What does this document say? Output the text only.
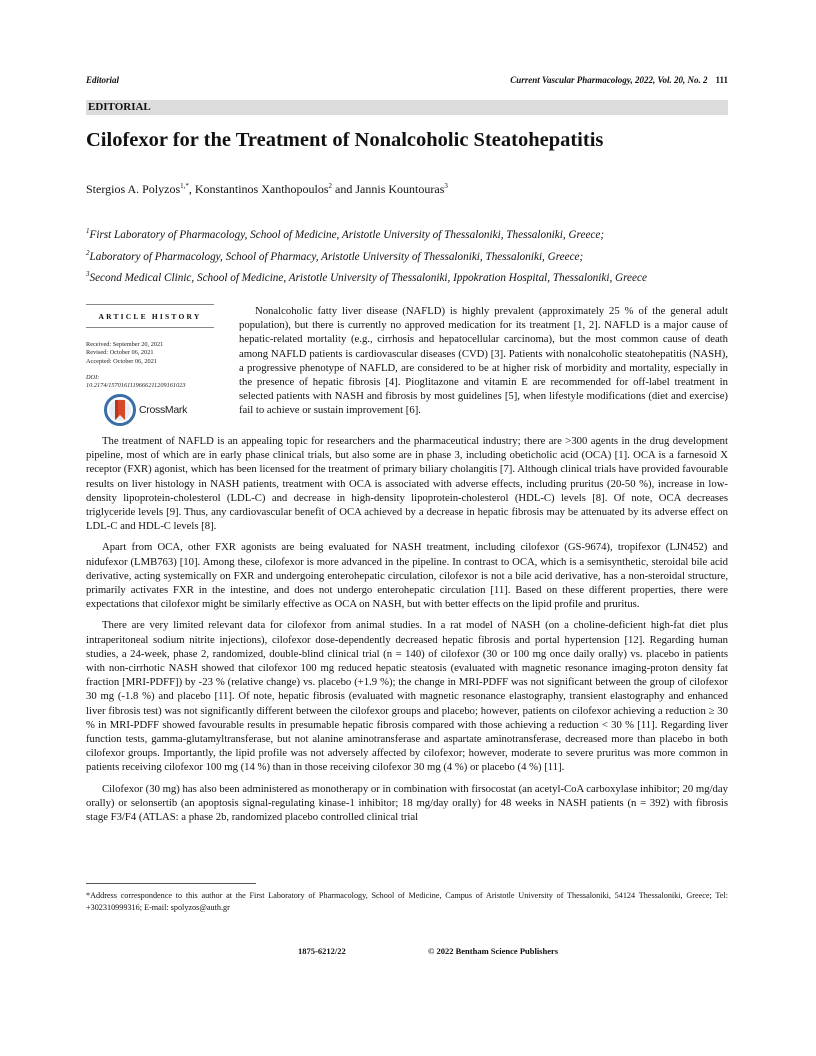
Editorial	Current Vascular Pharmacology, 2022, Vol. 20, No. 2 111
EDITORIAL
Cilofexor for the Treatment of Nonalcoholic Steatohepatitis
Stergios A. Polyzos$^{1,*}$, Konstantinos Xanthopoulos$^2$ and Jannis Kountouras$^3$

$^1$First Laboratory of Pharmacology, School of Medicine, Aristotle University of Thessaloniki, Thessaloniki, Greece;

$^2$Laboratory of Pharmacology, School of Pharmacy, Aristotle University of Thessaloniki, Thessaloniki, Greece;

$^3$Second Medical Clinic, School of Medicine, Aristotle University of Thessaloniki, Ippokration Hospital, Thessaloniki, Greece

ARTICLE HISTORY
Received: September 20, 2021
Revised: October 06, 2021
Accepted: October 06, 2021
DOI:
10.2174/1570161119666211209161023
CrossMark

Nonalcoholic fatty liver disease (NAFLD) is highly prevalent (approximately 25 % of the general adult population), but there is currently no approved medication for its treatment [1, 2]. NAFLD is a major cause of hepatic-related mortality (e.g., cirrhosis and hepatocellular carcinoma), but the most common cause of death among NAFLD patients is cardiovascular diseases (CVD) [3]. Patients with nonalcoholic steatohepatitis (NASH), a progressive phenotype of NAFLD, are considered to be at higher risk of morbidity and mortality, especially in the presence of hepatic fibrosis [4]. Pioglitazone and vitamin E are recommended for off-label treatment in selected patients with NASH and fibrosis by most guidelines [5], when lifestyle modifications (diet and exercise) fail to achieve or sustain improvement [6].

The treatment of NAFLD is an appealing topic for researchers and the pharmaceutical industry; there are >300 agents in the drug development pipeline, most of which are in early phase clinical trials, but also some are in phase 3, including obeticholic acid (OCA) [1]. OCA is a farnesoid X receptor (FXR) agonist, which has been licensed for the treatment of primary biliary cholangitis [7]. Although clinical trials have provided favourable results on liver histology in NASH patients, treatment with OCA is associated with adverse effects, including pruritus (20-50 %), increase in low-density lipoprotein-cholesterol (LDL-C) and decrease in high-density lipoprotein-cholesterol (HDL-C) levels [8]. Of note, OCA decreases triglyceride levels [9]. Thus, any cardiovascular benefit of OCA achieved by a decrease in hepatic fibrosis may be attenuated by its adverse effect on LDL-C and HDL-C levels [8].

Apart from OCA, other FXR agonists are being evaluated for NASH treatment, including cilofexor (GS-9674), tropifexor (LJN452) and nidufexor (LMB763) [10]. Among these, cilofexor is more advanced in the pipeline. In contrast to OCA, which is a semisynthetic, steroidal bile acid derivative, acting systemically on FXR and undergoing enterohepatic circulation, cilofexor is not a bile acid derivative, has a non-steroidal structure, primarily activates FXR in the intestine, and does not undergo enterohepatic circulation [11]. Based on these different properties, there were expectations that cilofexor might be similarly effective as OCA on NASH, but with better effects on the lipid profile and pruritus.

There are very limited relevant data for cilofexor from animal studies. In a rat model of NASH (on a choline-deficient high-fat diet plus intraperitoneal sodium nitrite injections), cilofexor dose-dependently decreased hepatic fibrosis and portal hypertension [12]. Regarding human studies, a 24-week, phase 2, randomized, double-blind clinical trial (n = 140) of cilofexor (30 or 100 mg once daily orally) vs. placebo in patients with non-cirrhotic NASH showed that cilofexor 100 mg reduced hepatic steatosis (evaluated with magnetic resonance imaging-proton density fat fraction [MRI-PDFF]) by -23 % (relative change) vs. placebo (+1.9 %); the change in MRI-PDFF was not significant between the group of cilofexor 30 mg (-1.8 %) and placebo [11]. Of note, hepatic fibrosis (evaluated with magnetic resonance elastography, transient elastography and enhanced liver fibrosis test) was not significantly different between the cilofexor groups and placebo; however, patients on cilofexor achieving a reduction ≥ 30 % in MRI-PDFF showed favourable results in presumable hepatic fibrosis compared with those achieving a reduction < 30 % [11]. Regarding liver function tests, gamma-glutamyltransferase, but not alanine aminotransferase and aspartate aminotransferase, decreased more than placebo in both cilofexor groups. Importantly, the lipid profile was not adversely affected by cilofexor; however, moderate to severe pruritus was more common in patients receiving cilofexor 100 mg (14 %) than in those receiving cilofexor 30 mg (4 %) or placebo (4 %) [11].

Cilofexor (30 mg) has also been administered as monotherapy or in combination with firsocostat (an acetyl-CoA carboxylase inhibitor; 20 mg/day orally) or selonsertib (an apoptosis signal-regulating kinase-1 inhibitor; 18 mg/day orally) for 48 weeks in NASH patients (n = 392) with fibrosis stage F3/F4 (ATLAS: a phase 2b, randomized placebo controlled clinical trial

*Address correspondence to this author at the First Laboratory of Pharmacology, School of Medicine, Campus of Aristotle University of Thessaloniki, 54124 Thessaloniki, Greece; Tel: +302310999316; E-mail: spolyzos@auth.gr
1875-6212/22	© 2022 Bentham Science Publishers
